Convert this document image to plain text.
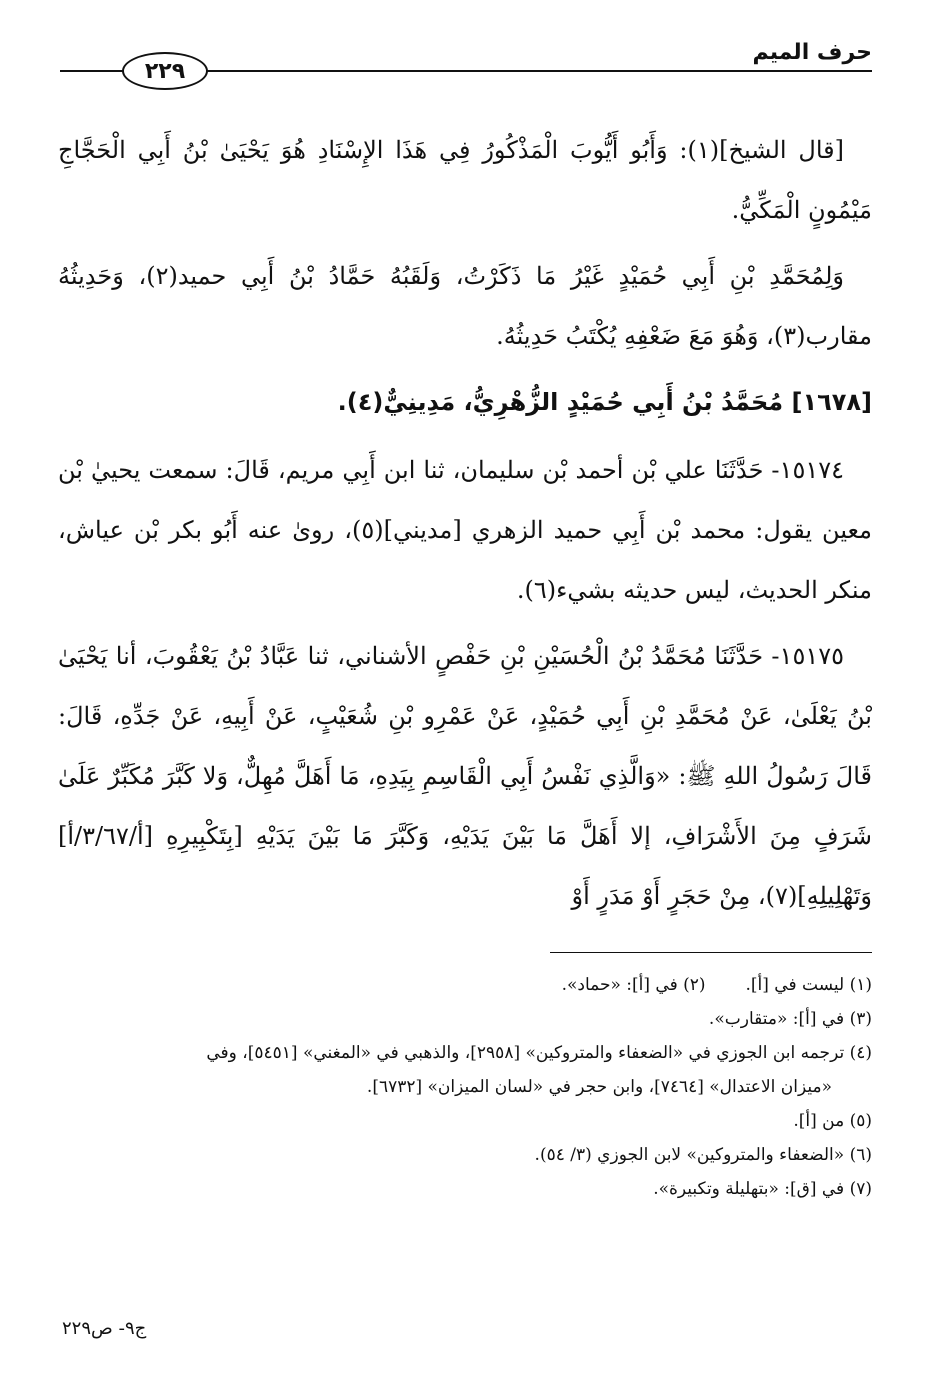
حرف الميم
٢٢٩

[قال الشيخ](١): وَأَبُو أَيُّوبَ الْمَذْكُورُ فِي هَذَا الإِسْنَادِ هُوَ يَحْيَىٰ بْنُ أَبِي الْحَجَّاجِ مَيْمُونٍ الْمَكِّيُّ.

وَلِمُحَمَّدِ بْنِ أَبِي حُمَيْدٍ غَيْرُ مَا ذَكَرْتُ، وَلَقَبُهُ حَمَّادُ بْنُ أَبِي حميد(٢)، وَحَدِيثُهُ مقارب(٣)، وَهُوَ مَعَ ضَعْفِهِ يُكْتَبُ حَدِيثُهُ.

[١٦٧٨] مُحَمَّدُ بْنُ أَبِي حُمَيْدٍ الزُّهْرِيُّ، مَدِينِيٌّ(٤).

١٥١٧٤- حَدَّثَنَا علي بْن أحمد بْن سليمان، ثنا ابن أَبِي مريم، قَالَ: سمعت يحييٰ بْن معين يقول: محمد بْن أَبِي حميد الزهري [مديني](٥)، رویٰ عنه أَبُو بكر بْن عياش، منكر الحديث، ليس حديثه بشيء(٦).

١٥١٧٥- حَدَّثَنَا مُحَمَّدُ بْنُ الْحُسَيْنِ بْنِ حَفْصٍ الأشناني، ثنا عَبَّادُ بْنُ يَعْقُوبَ، أنا يَحْيَىٰ بْنُ يَعْلَىٰ، عَنْ مُحَمَّدِ بْنِ أَبِي حُمَيْدٍ، عَنْ عَمْرِو بْنِ شُعَيْبٍ، عَنْ أَبِيهِ، عَنْ جَدِّهِ، قَالَ: قَالَ رَسُولُ اللهِ ﷺ: «وَالَّذِي نَفْسُ أَبِي الْقَاسِمِ بِيَدِهِ، مَا أَهَلَّ مُهِلٌّ، وَلا كَبَّرَ مُكَبِّرٌ عَلَىٰ شَرَفٍ مِنَ الأَشْرَافِ، إلا أَهَلَّ مَا بَيْنَ يَدَيْهِ، وَكَبَّرَ مَا بَيْنَ يَدَيْهِ [بِتَكْبِيرِهِ [أ/٣/٦٧/أ] وَتَهْلِيلِهِ](٧)، مِنْ حَجَرٍ أَوْ مَدَرٍ أَوْ

(١) ليست في [أ].

(٢) في [أ]: «حماد».

(٣) في [أ]: «متقارب».

(٤) ترجمه ابن الجوزي في «الضعفاء والمتروكين» [٢٩٥٨]، والذهبي في «المغني» [٥٤٥١]، وفي

«ميزان الاعتدال» [٧٤٦٤]، وابن حجر في «لسان الميزان» [٦٧٣٢].

(٥) من [أ].

(٦) «الضعفاء والمتروكين» لابن الجوزي (٣/ ٥٤).

(٧) في [ق]: «بتهليلة وتكبيرة».

ج٩- ص٢٢٩
